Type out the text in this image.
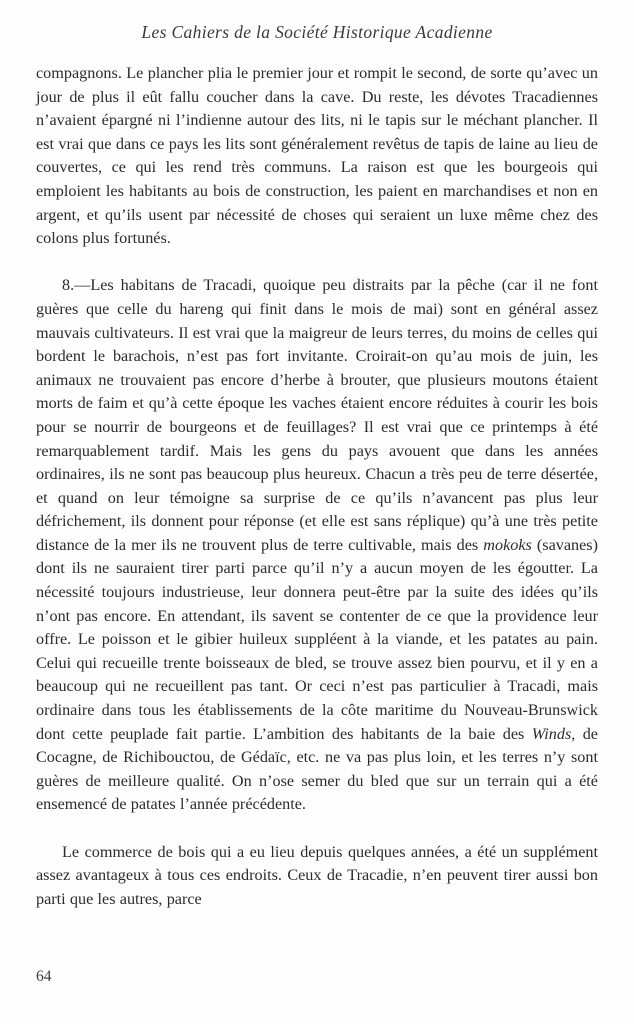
Les Cahiers de la Société Historique Acadienne

compagnons. Le plancher plia le premier jour et rompit le second, de sorte qu’avec un jour de plus il eût fallu coucher dans la cave. Du reste, les dévotes Tracadiennes n’avaient épargné ni l’indienne autour des lits, ni le tapis sur le méchant plancher. Il est vrai que dans ce pays les lits sont généralement revêtus de tapis de laine au lieu de couvertes, ce qui les rend très communs. La raison est que les bourgeois qui emploient les habitants au bois de construction, les paient en marchandises et non en argent, et qu’ils usent par nécessité de choses qui seraient un luxe même chez des colons plus fortunés.

8.—Les habitans de Tracadi, quoique peu distraits par la pêche (car il ne font guères que celle du hareng qui finit dans le mois de mai) sont en général assez mauvais cultivateurs. Il est vrai que la maigreur de leurs terres, du moins de celles qui bordent le barachois, n’est pas fort invitante. Croirait-on qu’au mois de juin, les animaux ne trouvaient pas encore d’herbe à brouter, que plusieurs moutons étaient morts de faim et qu’à cette époque les vaches étaient encore réduites à courir les bois pour se nourrir de bourgeons et de feuillages? Il est vrai que ce printemps à été remarquablement tardif. Mais les gens du pays avouent que dans les années ordinaires, ils ne sont pas beaucoup plus heureux. Chacun a très peu de terre désertée, et quand on leur témoigne sa surprise de ce qu’ils n’avancent pas plus leur défrichement, ils donnent pour réponse (et elle est sans réplique) qu’à une très petite distance de la mer ils ne trouvent plus de terre cultivable, mais des mokoks (savanes) dont ils ne sauraient tirer parti parce qu’il n’y a aucun moyen de les égoutter. La nécessité toujours industrieuse, leur donnera peut-être par la suite des idées qu’ils n’ont pas encore. En attendant, ils savent se contenter de ce que la providence leur offre. Le poisson et le gibier huileux suppléent à la viande, et les patates au pain. Celui qui recueille trente boisseaux de bled, se trouve assez bien pourvu, et il y en a beaucoup qui ne recueillent pas tant. Or ceci n’est pas particulier à Tracadi, mais ordinaire dans tous les établissements de la côte maritime du Nouveau-Brunswick dont cette peuplade fait partie. L’ambition des habitants de la baie des Winds, de Cocagne, de Richibouctou, de Gédaïc, etc. ne va pas plus loin, et les terres n’y sont guères de meilleure qualité. On n’ose semer du bled que sur un terrain qui a été ensemencé de patates l’année précédente.

Le commerce de bois qui a eu lieu depuis quelques années, a été un supplément assez avantageux à tous ces endroits. Ceux de Tracadie, n’en peuvent tirer aussi bon parti que les autres, parce

64
